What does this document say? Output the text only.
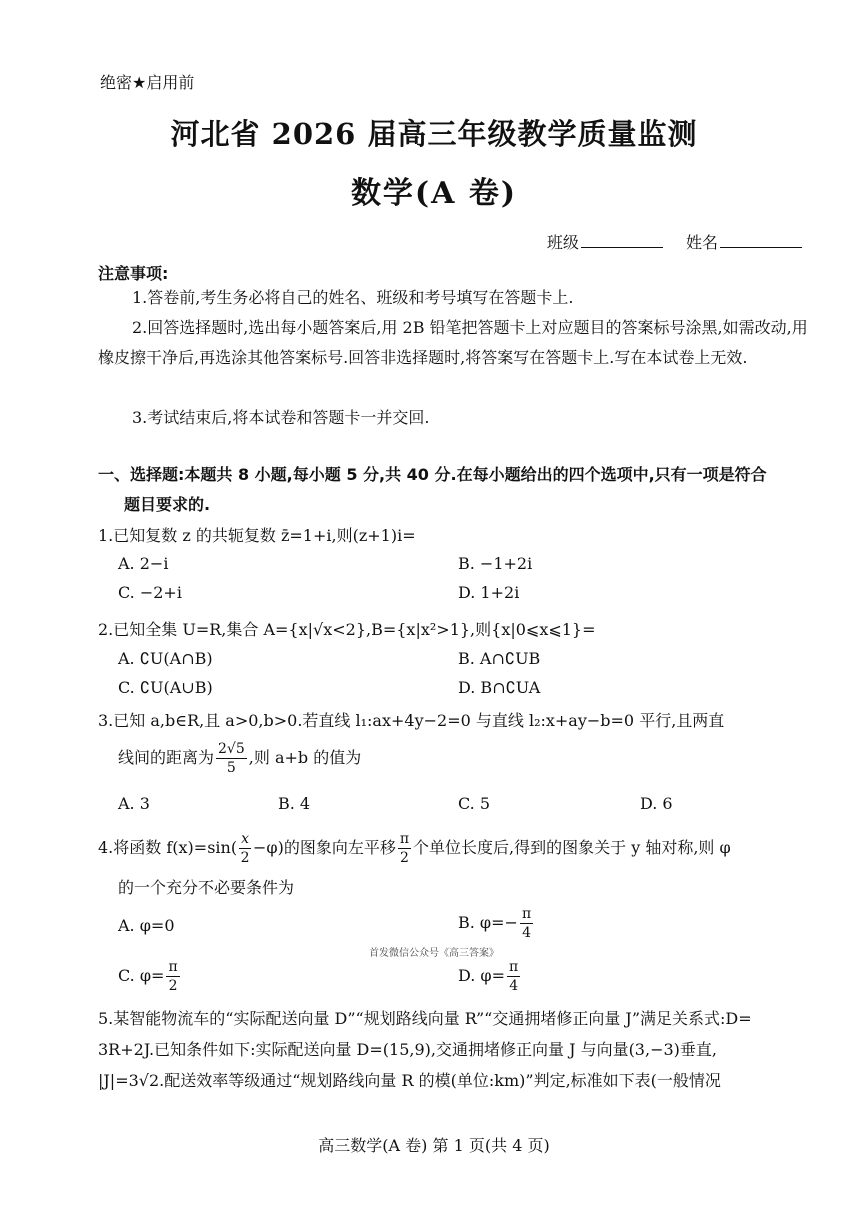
绝密★启用前
河北省 2026 届高三年级教学质量监测
数学(A 卷)
班级	姓名
注意事项:
1.答卷前,考生务必将自己的姓名、班级和考号填写在答题卡上.
2.回答选择题时,选出每小题答案后,用 2B 铅笔把答题卡上对应题目的答案标号涂黑,如需改动,用橡皮擦干净后,再选涂其他答案标号.回答非选择题时,将答案写在答题卡上.写在本试卷上无效.
3.考试结束后,将本试卷和答题卡一并交回.
一、选择题:本题共 8 小题,每小题 5 分,共 40 分.在每小题给出的四个选项中,只有一项是符合
题目要求的.
1.已知复数 z 的共轭复数 z̄=1+i,则(z+1)i=
A. 2−i	B. −1+2i
C. −2+i	D. 1+2i
2.已知全集 U=R,集合 A={x|√x<2},B={x|x²>1},则{x|0⩽x⩽1}=
A. ∁U(A∩B)	B. A∩∁UB
C. ∁U(A∪B)	D. B∩∁UA
3.已知 a,b∈R,且 a>0,b>0.若直线 l₁:ax+4y−2=0 与直线 l₂:x+ay−b=0 平行,且两直
线间的距离为 $\frac{2√5}{5}$ ,则 a+b 的值为
A. 3	B. 4	C. 5	D. 6
4.将函数 $f(x)=\sin( \frac{x}{2} -\varphi)$的图象向左平移 $\frac{\pi}{2}$ 个单位长度后,得到的图象关于 y 轴对称,则 φ
的一个充分不必要条件为
A. φ=0	B. $\varphi=- \frac{\pi}{4}$
首发微信公众号《高三答案》
C. $\varphi= \frac{\pi}{2}$	D. $\varphi= \frac{\pi}{4}$
5.某智能物流车的“实际配送向量 D”“规划路线向量 R”“交通拥堵修正向量 J”满足关系式:D=
3R+2J.已知条件如下:实际配送向量 D=(15,9),交通拥堵修正向量 J 与向量(3,−3)垂直,
|J|=3√2.配送效率等级通过“规划路线向量 R 的模(单位:km)”判定,标准如下表(一般情况
高三数学(A 卷) 第 1 页(共 4 页)
